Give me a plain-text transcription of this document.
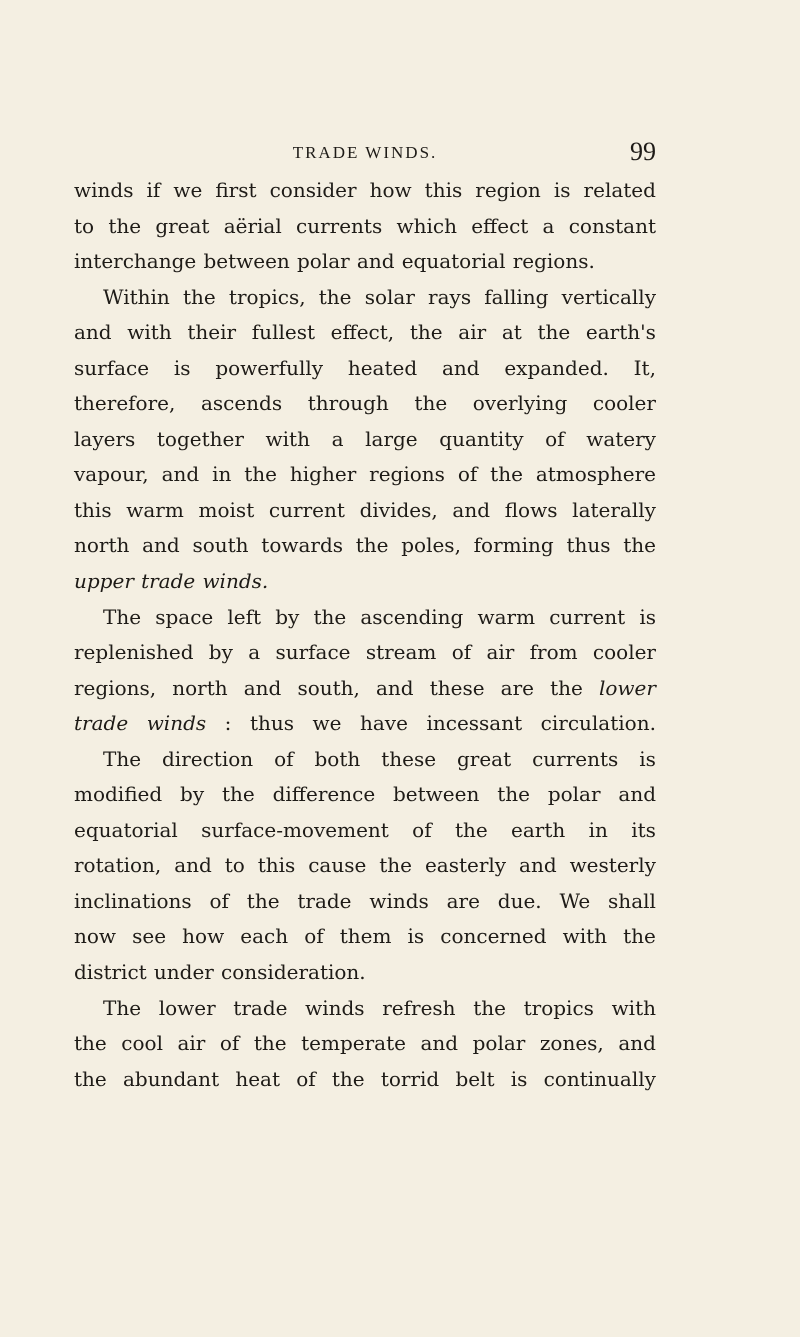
TRADE WINDS.	99
winds if we first consider how this region is related
to the great aërial currents which effect a constant
interchange between polar and equatorial regions.
Within the tropics, the solar rays falling vertically
and with their fullest effect, the air at the earth's
surface is powerfully heated and expanded. It,
therefore, ascends through the overlying cooler
layers together with a large quantity of watery
vapour, and in the higher regions of the atmosphere
this warm moist current divides, and flows laterally
north and south towards the poles, forming thus the
upper trade winds.
The space left by the ascending warm current is
replenished by a surface stream of air from cooler
regions, north and south, and these are the lower
trade winds : thus we have incessant circulation.
The direction of both these great currents is
modified by the difference between the polar and
equatorial surface-movement of the earth in its
rotation, and to this cause the easterly and westerly
inclinations of the trade winds are due. We shall
now see how each of them is concerned with the
district under consideration.
The lower trade winds refresh the tropics with
the cool air of the temperate and polar zones, and
the abundant heat of the torrid belt is continually
